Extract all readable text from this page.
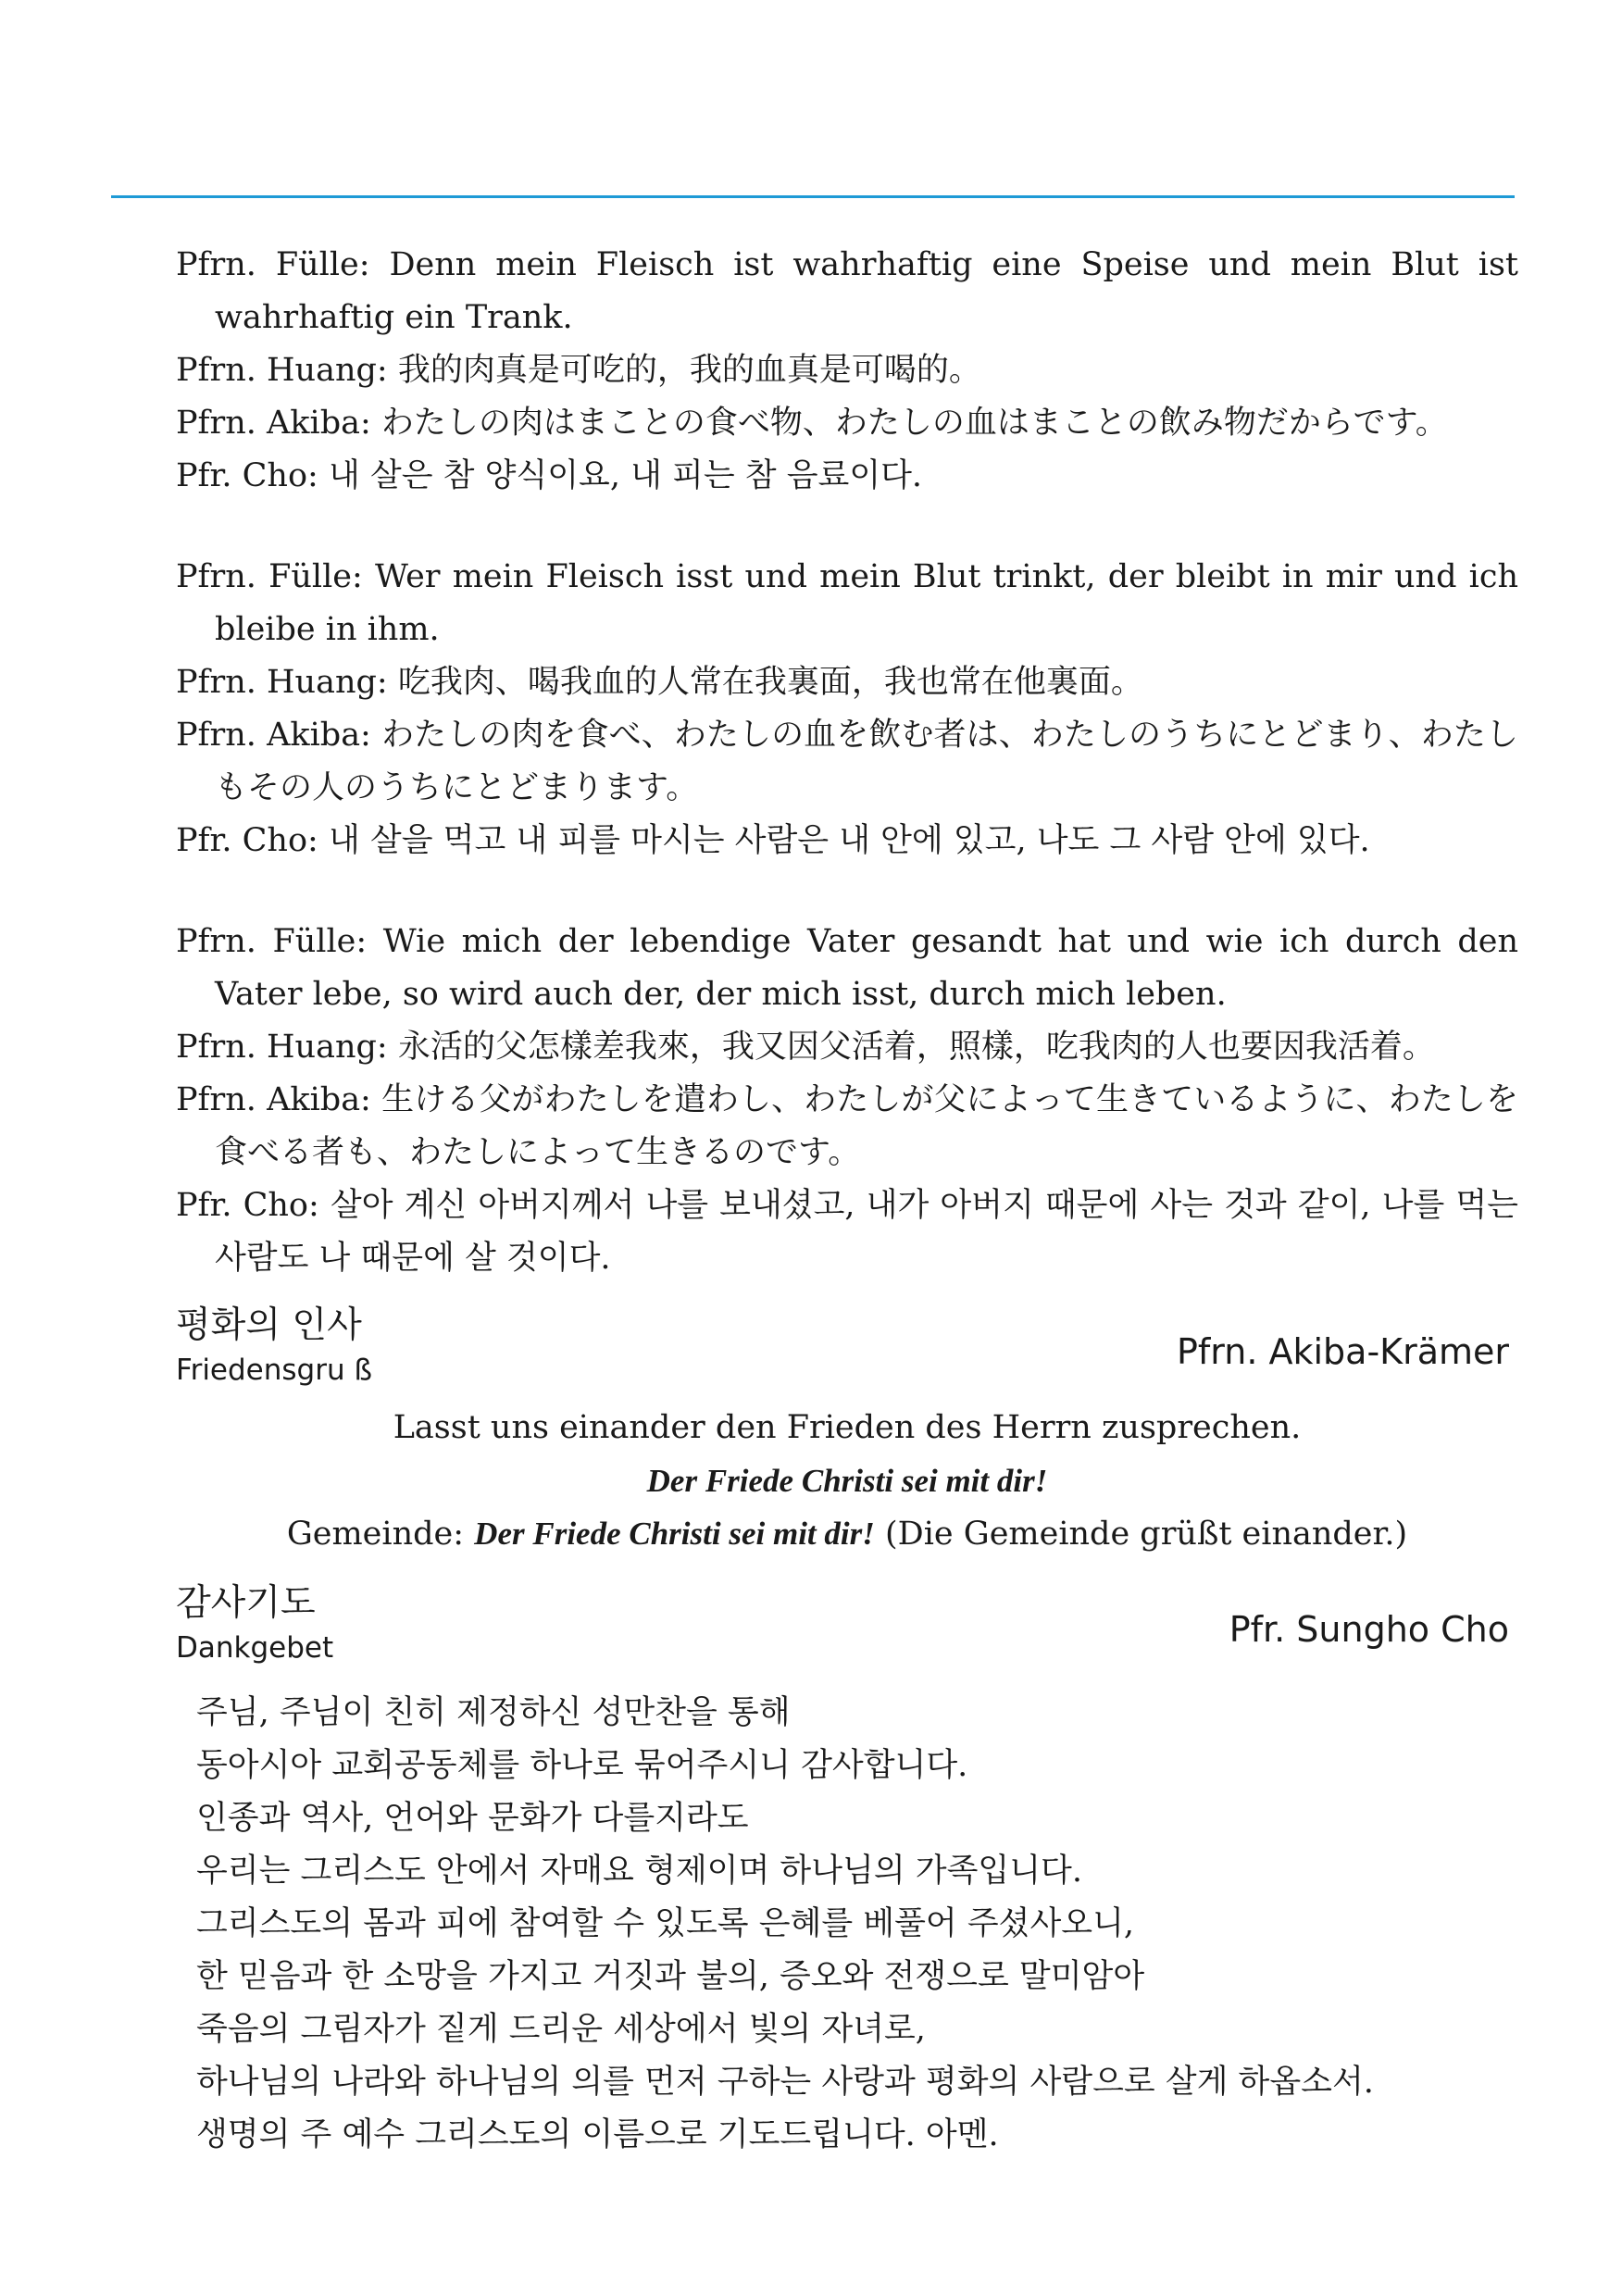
Pfrn. Fülle: Denn mein Fleisch ist wahrhaftig eine Speise und mein Blut ist wahrhaftig ein Trank.
Pfrn. Huang: 我的肉真是可吃的，我的血真是可喝的。
Pfrn. Akiba: わたしの肉はまことの食べ物、わたしの血はまことの飲み物だからです。
Pfr. Cho: 내 살은 참 양식이요, 내 피는 참 음료이다.
Pfrn. Fülle: Wer mein Fleisch isst und mein Blut trinkt, der bleibt in mir und ich bleibe in ihm.
Pfrn. Huang: 吃我肉、喝我血的人常在我裏面，我也常在他裏面。
Pfrn. Akiba: わたしの肉を食べ、わたしの血を飲む者は、わたしのうちにとどまり、わたしもその人のうちにとどまります。
Pfr. Cho: 내 살을 먹고 내 피를 마시는 사람은 내 안에 있고, 나도 그 사람 안에 있다.
Pfrn. Fülle: Wie mich der lebendige Vater gesandt hat und wie ich durch den Vater lebe, so wird auch der, der mich isst, durch mich leben.
Pfrn. Huang: 永活的父怎樣差我來，我又因父活着，照樣，吃我肉的人也要因我活着。
Pfrn. Akiba: 生ける父がわたしを遣わし、わたしが父によって生きているように、わたしを食べる者も、わたしによって生きるのです。
Pfr. Cho: 살아 계신 아버지께서 나를 보내셨고, 내가 아버지 때문에 사는 것과 같이, 나를 먹는 사람도 나 때문에 살 것이다.
평화의 인사
Friedensgru ß	Pfrn. Akiba-Krämer
Lasst uns einander den Frieden des Herrn zusprechen.
Der Friede Christi sei mit dir!
Gemeinde: Der Friede Christi sei mit dir! (Die Gemeinde grüßt einander.)
감사기도
Dankgebet	Pfr. Sungho Cho
주님, 주님이 친히 제정하신 성만찬을 통해
동아시아 교회공동체를 하나로 묶어주시니 감사합니다.
인종과 역사, 언어와 문화가 다를지라도
우리는 그리스도 안에서 자매요 형제이며 하나님의 가족입니다.
그리스도의 몸과 피에 참여할 수 있도록 은혜를 베풀어 주셨사오니,
한 믿음과 한 소망을 가지고 거짓과 불의, 증오와 전쟁으로 말미암아
죽음의 그림자가 짙게 드리운 세상에서 빛의 자녀로,
하나님의 나라와 하나님의 의를 먼저 구하는 사랑과 평화의 사람으로 살게 하옵소서.
생명의 주 예수 그리스도의 이름으로 기도드립니다. 아멘.
